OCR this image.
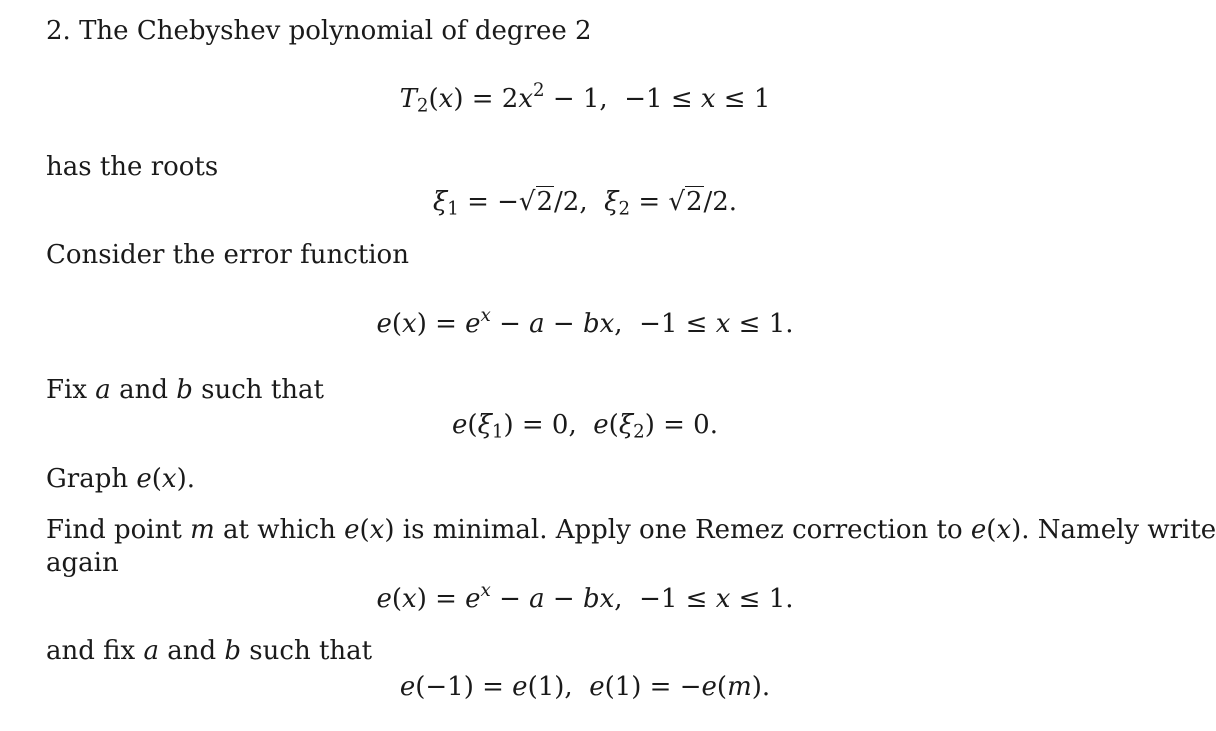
2. The Chebyshev polynomial of degree 2
$T_2(x) = 2x^2 - 1$,  −1 ≤ x ≤ 1
has the roots
$\xi_1 = -√2/2$,  $\xi_2 = √2/2$.
Consider the error function
$e(x) = e^x - a$ − bx,  −1 ≤ x ≤ 1.
Fix a and b such that
$e(\xi_1) = 0$,  $e(\xi_2) = 0$.
Graph e(x).
Find point m at which e(x) is minimal. Apply one Remez correction to e(x). Namely write
again
$e(x) = e^x - a$ − bx,  −1 ≤ x ≤ 1.
and fix a and b such that
e(−1) = e(1),  e(1) = −e(m).
